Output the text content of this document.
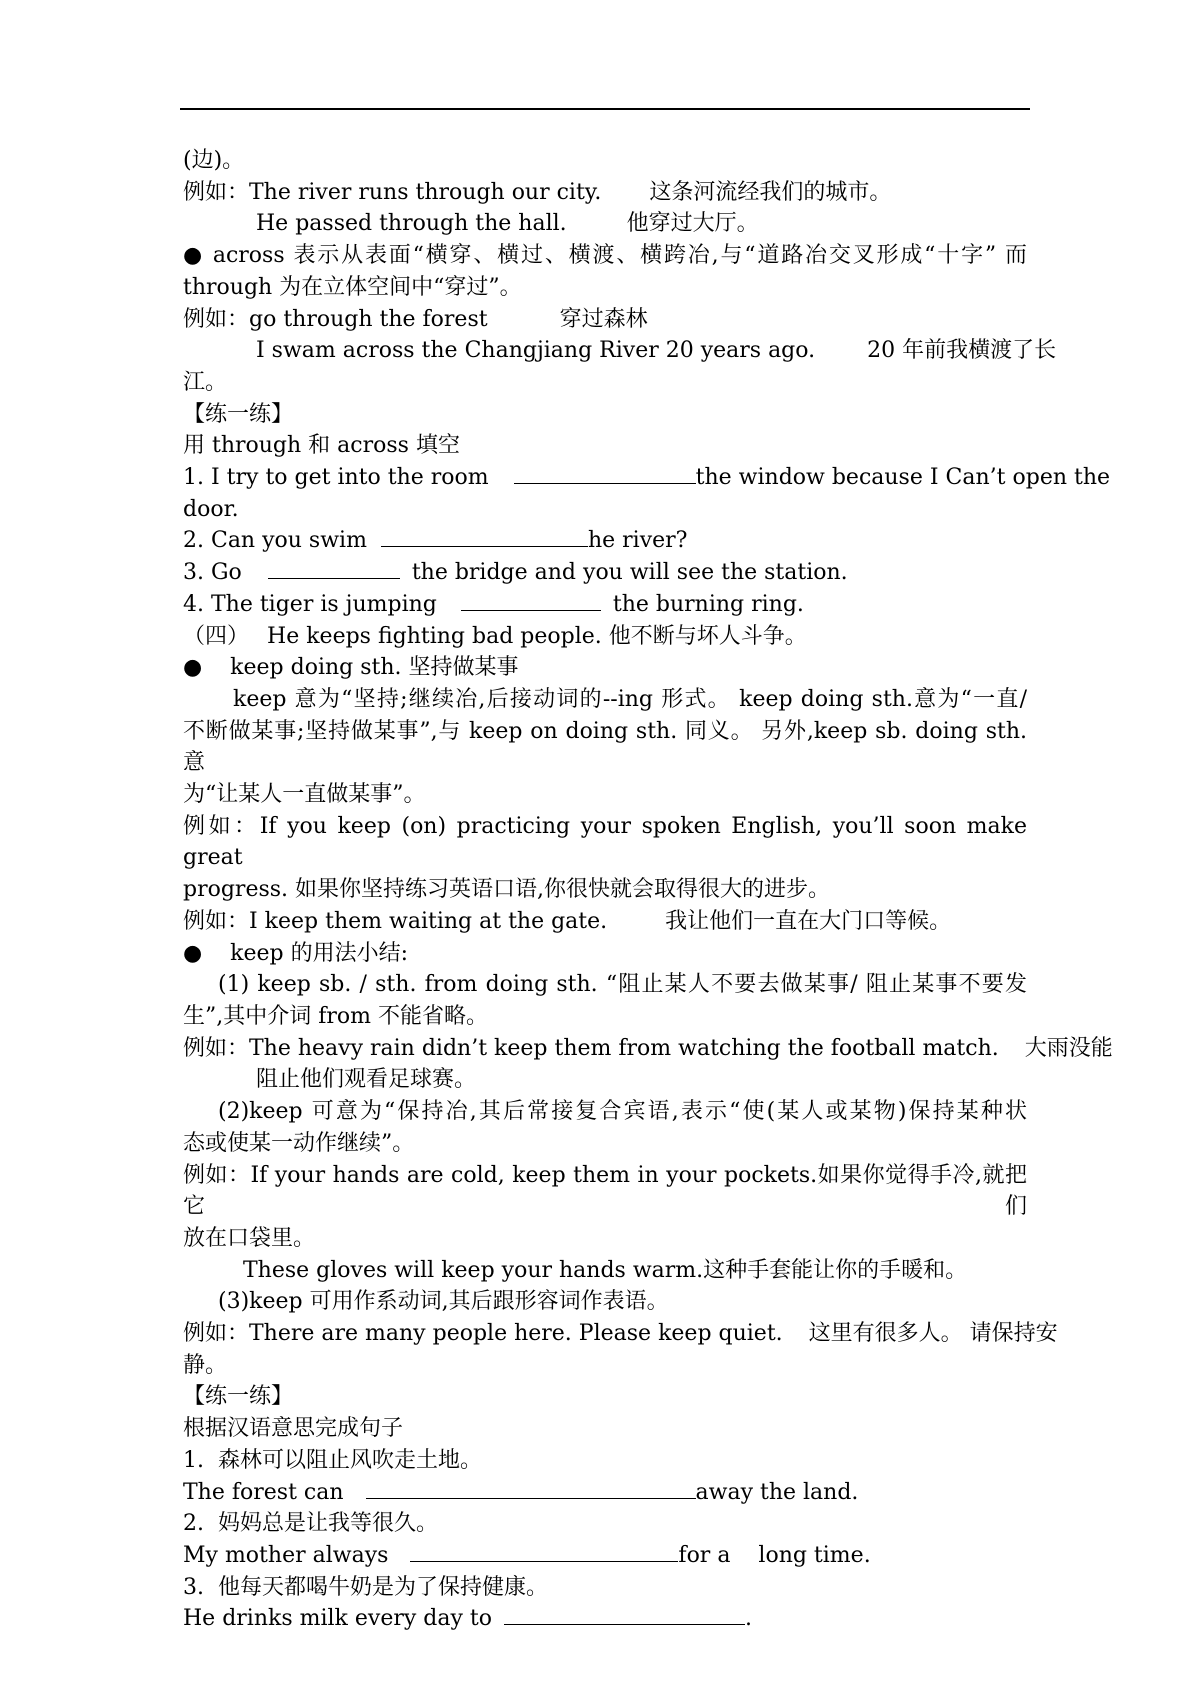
(边)。
例如：The river runs through our city. 这条河流经我们的城市。
He passed through the hall.	他穿过大厅。
● across 表示从表面“横穿、横过、横渡、横跨冶,与“道路冶交叉形成“十字” 而
through 为在立体空间中“穿过”。
例如：go through the forest	穿过森林
I swam across the Changjiang River 20 years ago. 20 年前我横渡了长
江。
【练一练】
用 through 和 across 填空
1. I try to get into the room	the window because I Can’t open the
door.
2. Can you swim	he river?
3. Go	the bridge and you will see the station.
4. The tiger is jumping	the burning ring.
（四） He keeps fighting bad people. 他不断与坏人斗争。
●    keep doing sth. 坚持做某事
keep 意为“坚持;继续冶,后接动词的--ing 形式。 keep doing sth.意为“一直/
不断做某事;坚持做某事”,与 keep on doing sth. 同义。 另外,keep sb. doing sth. 意
为“让某人一直做某事”。
例如：If you keep (on) practicing your spoken English, you’ll soon make great
progress. 如果你坚持练习英语口语,你很快就会取得很大的进步。
例如：I keep them waiting at the gate.	我让他们一直在大门口等候。
●    keep 的用法小结:
(1) keep sb. / sth. from doing sth. “阻止某人不要去做某事/ 阻止某事不要发
生”,其中介词 from 不能省略。
例如：The heavy rain didn’t keep them from watching the football match. 大雨没能
阻止他们观看足球赛。
(2)keep 可意为“保持冶,其后常接复合宾语,表示“使(某人或某物)保持某种状
态或使某一动作继续”。
例如：If your hands are cold, keep them in your pockets.如果你觉得手冷,就把它们
放在口袋里。
These gloves will keep your hands warm.这种手套能让你的手暖和。
(3)keep 可用作系动词,其后跟形容词作表语。
例如：There are many people here. Please keep quiet. 这里有很多人。 请保持安
静。
【练一练】
根据汉语意思完成句子
1.  森林可以阻止风吹走土地。
The forest can	away the land.
2.  妈妈总是让我等很久。
My mother always	for a    long time.
3.  他每天都喝牛奶是为了保持健康。
He drinks milk every day to	.
